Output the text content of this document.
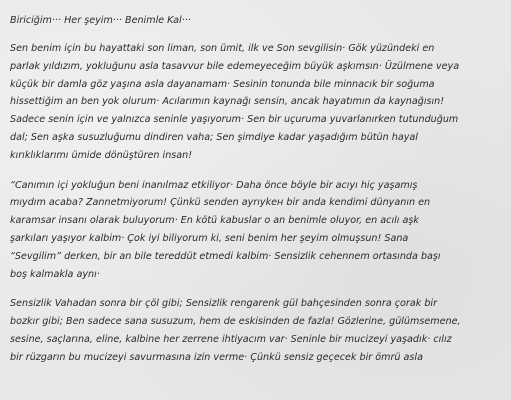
Biriciğim··· Her şeyim··· Benimle Kal···
Sen benim için bu hayattaki son liman, son ümit, ilk ve Son sevgilisin· Gök yüzündeki en
parlak yıldızım, yokluğunu asla tasavvur bile edemeyeceğim büyük aşkımsın· Üzülmene veya
küçük bir damla göz yaşına asla dayanamam· Sesinin tonunda bile minnacık bir soğuma
hissettiğim an ben yok olurum· Acılarımın kaynağı sensin, ancak hayatımın da kaynağısın!
Sadece senin için ve yalnızca seninle yaşıyorum· Sen bir uçuruma yuvarlanırken tutunduğum
dal; Sen aşka susuzluğumu dindiren vaha; Sen şimdiye kadar yaşadığım bütün hayal
kırıklıklarımı ümide dönüştüren insan!
“Canımın içi yokluğun beni inanılmaz etkiliyor· Daha önce böyle bir acıyı hiç yaşamış
mıydım acaba? Zannetmiyorum! Çünkü senden ayrıykeн bir anda kendimi dünyanın en
karamsar insanı olarak buluyorum· En kötü kabuslar o an benimle oluyor, en acılı aşk
şarkıları yaşıyor kalbim· Çok iyi biliyorum ki, seni benim her şeyim olmuşsun! Sana
“Sevgilim” derken, bir an bile tereddüt etmedi kalbim· Sensizlik cehennem ortasında başı
boş kalmakla aynı·
Sensizlik Vahadan sonra bir çöl gibi; Sensizlik rengarenk gül bahçesinden sonra çorak bir
bozkır gibi; Ben sadece sana susuzum, hem de eskisinden de fazla! Gözlerine, gülümsemene,
sesine, saçlarına, eline, kalbine her zerrene ihtiyacım var· Seninle bir mucizeyi yaşadık· cılız
bir rüzgarın bu mucizeyi savurmasına izin verme· Çünkü sensiz geçecek bir ömrü asla
